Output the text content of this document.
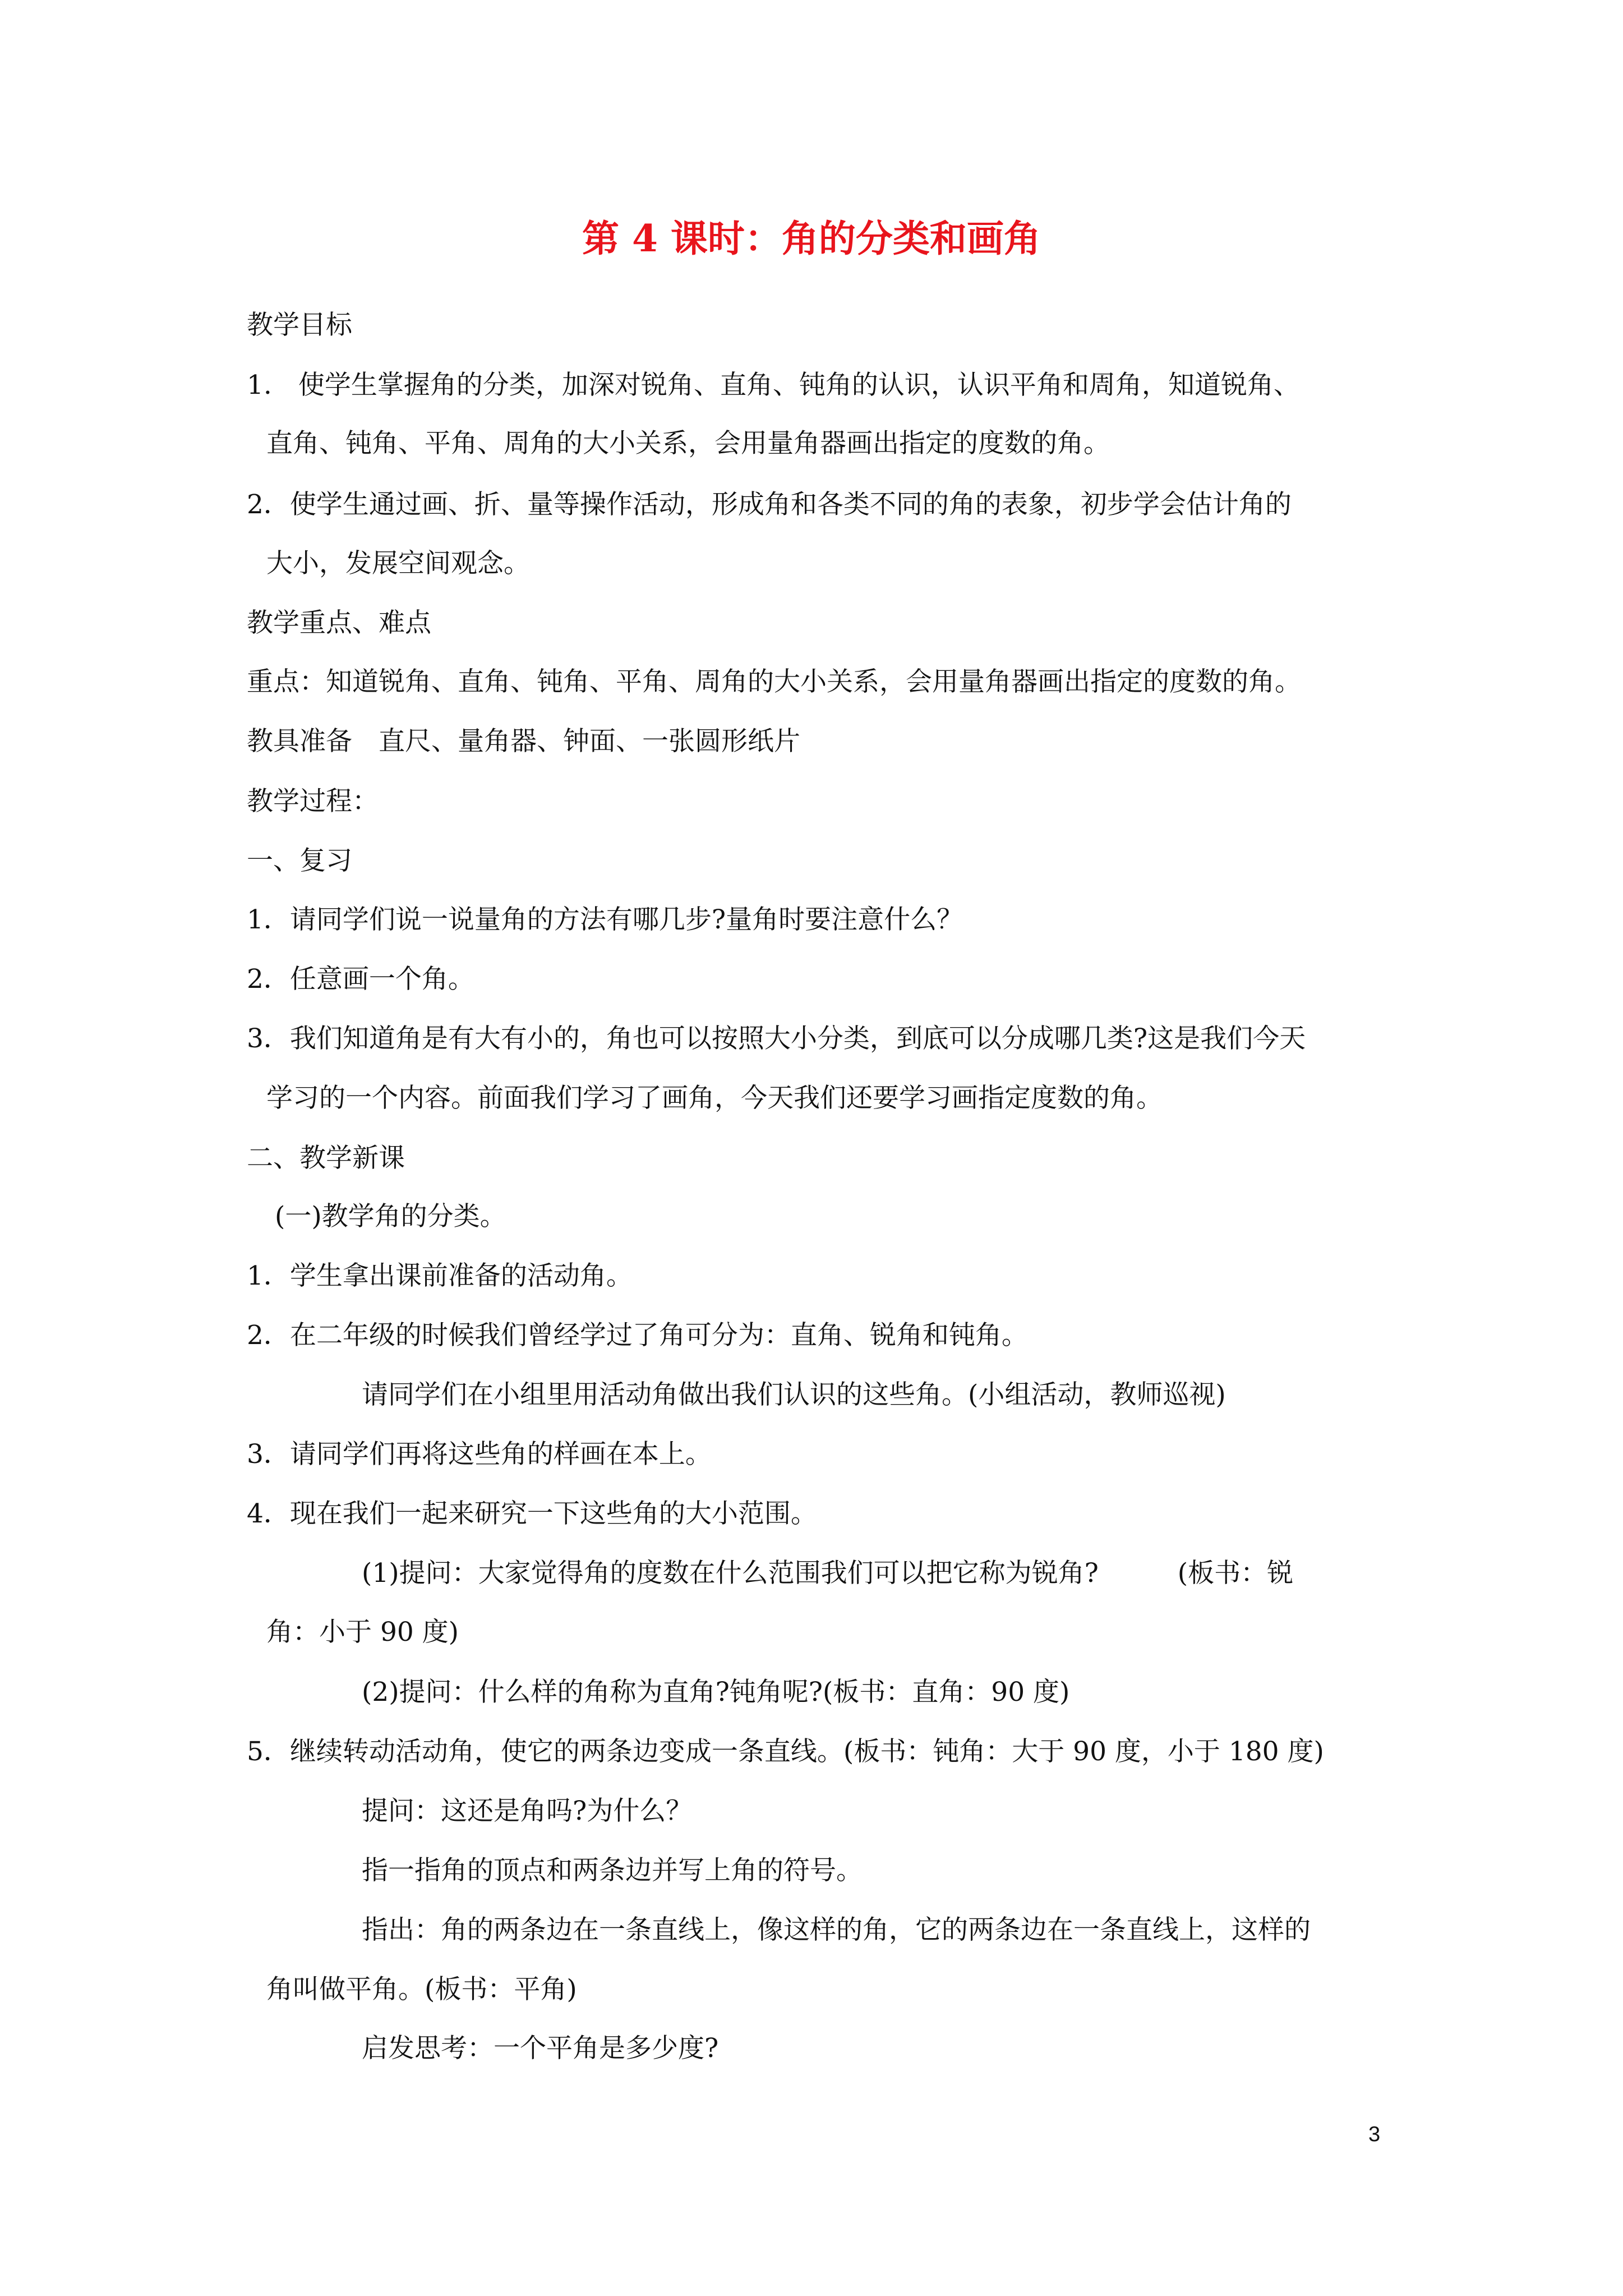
第 4 课时：角的分类和画角
教学目标
1.　使学生掌握角的分类，加深对锐角、直角、钝角的认识，认识平角和周角，知道锐角、
直角、钝角、平角、周角的大小关系，会用量角器画出指定的度数的角。
2．使学生通过画、折、量等操作活动，形成角和各类不同的角的表象，初步学会估计角的
大小，发展空间观念。
教学重点、难点
重点：知道锐角、直角、钝角、平角、周角的大小关系，会用量角器画出指定的度数的角。
教具准备　直尺、量角器、钟面、一张圆形纸片
教学过程：
一、复习
1．请同学们说一说量角的方法有哪几步?量角时要注意什么？
2．任意画一个角。
3．我们知道角是有大有小的，角也可以按照大小分类，到底可以分成哪几类?这是我们今天
学习的一个内容。前面我们学习了画角，今天我们还要学习画指定度数的角。
二、教学新课
(一)教学角的分类。
1．学生拿出课前准备的活动角。
2．在二年级的时候我们曾经学过了角可分为：直角、锐角和钝角。
请同学们在小组里用活动角做出我们认识的这些角。(小组活动，教师巡视)
3．请同学们再将这些角的样画在本上。
4．现在我们一起来研究一下这些角的大小范围。
(1)提问：大家觉得角的度数在什么范围我们可以把它称为锐角?　　　(板书：锐
角：小于 90 度)
(2)提问：什么样的角称为直角?钝角呢?(板书：直角：90 度)
5．继续转动活动角，使它的两条边变成一条直线。(板书：钝角：大于 90 度，小于 180 度)
提问：这还是角吗?为什么？
指一指角的顶点和两条边并写上角的符号。
指出：角的两条边在一条直线上，像这样的角，它的两条边在一条直线上，这样的
角叫做平角。(板书：平角)
启发思考：一个平角是多少度?
3
